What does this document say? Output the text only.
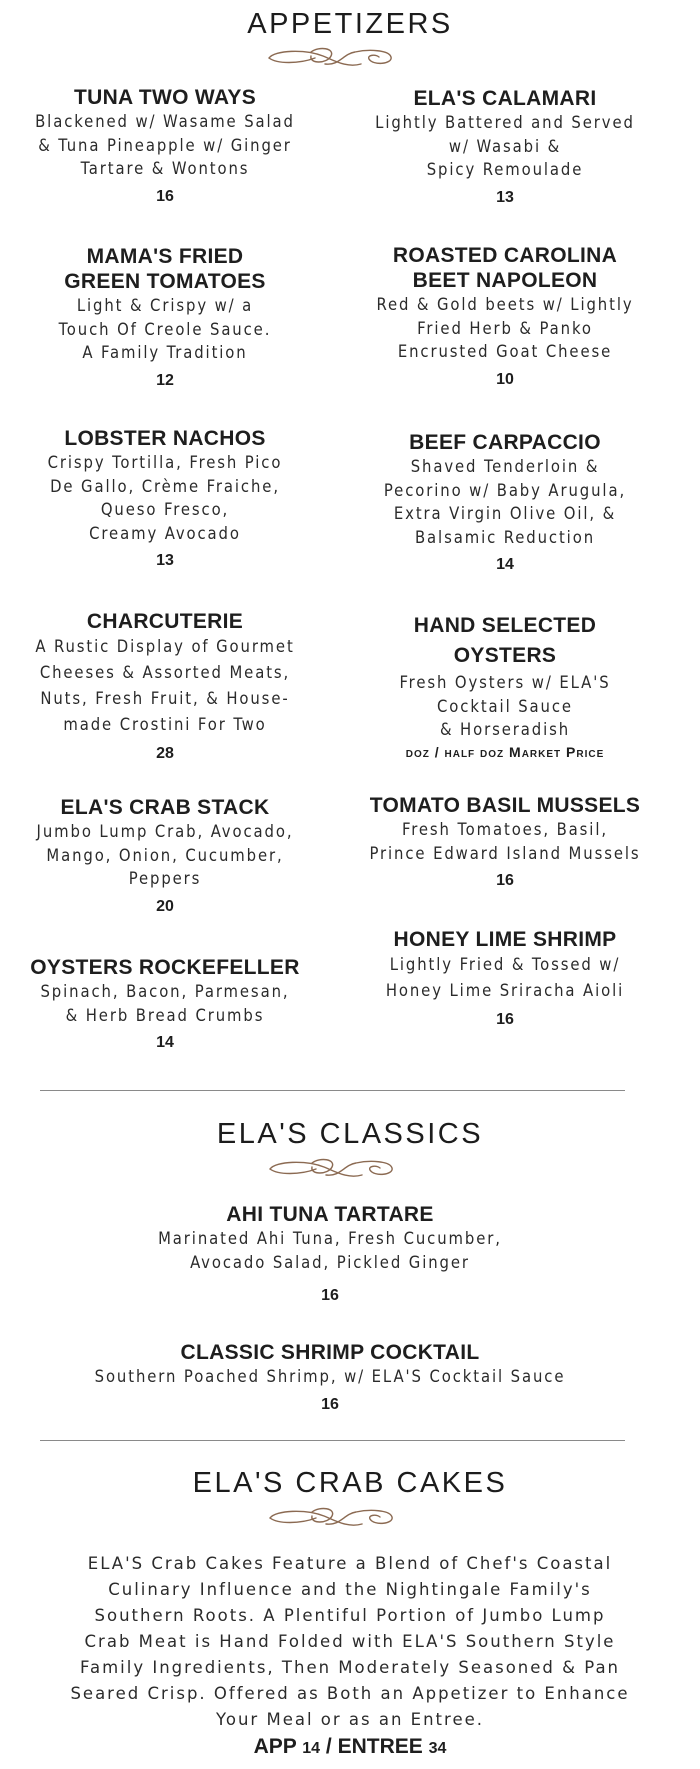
APPETIZERS
TUNA TWO WAYS
Blackened w/ Wasame Salad
& Tuna Pineapple w/ Ginger
Tartare & Wontons
16
MAMA'S FRIED
GREEN TOMATOES
Light & Crispy w/ a
Touch Of Creole Sauce.
A Family Tradition
12
LOBSTER NACHOS
Crispy Tortilla, Fresh Pico
De Gallo, Crème Fraiche,
Queso Fresco,
Creamy Avocado
13
CHARCUTERIE
A Rustic Display of Gourmet
Cheeses & Assorted Meats,
Nuts, Fresh Fruit, & House-
made Crostini For Two
28
ELA'S CRAB STACK
Jumbo Lump Crab, Avocado,
Mango, Onion, Cucumber,
Peppers
20
OYSTERS ROCKEFELLER
Spinach, Bacon, Parmesan,
& Herb Bread Crumbs
14
ELA'S CALAMARI
Lightly Battered and Served
w/ Wasabi &
Spicy Remoulade
13
ROASTED CAROLINA
BEET NAPOLEON
Red & Gold beets w/ Lightly
Fried Herb & Panko
Encrusted Goat Cheese
10
BEEF CARPACCIO
Shaved Tenderloin &
Pecorino w/ Baby Arugula,
Extra Virgin Olive Oil, &
Balsamic Reduction
14
HAND SELECTED
OYSTERS
Fresh Oysters w/ ELA'S
Cocktail Sauce
& Horseradish
doz / half doz Market Price
TOMATO BASIL MUSSELS
Fresh Tomatoes, Basil,
Prince Edward Island Mussels
16
HONEY LIME SHRIMP
Lightly Fried & Tossed w/
Honey Lime Sriracha Aioli
16
ELA'S CLASSICS
AHI TUNA TARTARE
Marinated Ahi Tuna, Fresh Cucumber,
Avocado Salad, Pickled Ginger
16
CLASSIC SHRIMP COCKTAIL
Southern Poached Shrimp, w/ ELA'S Cocktail Sauce
16
ELA'S CRAB CAKES
ELA'S Crab Cakes Feature a Blend of Chef's Coastal
Culinary Influence and the Nightingale Family's
Southern Roots. A Plentiful Portion of Jumbo Lump
Crab Meat is Hand Folded with ELA'S Southern Style
Family Ingredients, Then Moderately Seasoned & Pan
Seared Crisp. Offered as Both an Appetizer to Enhance
Your Meal or as an Entree.
APP 14 / ENTREE 34
